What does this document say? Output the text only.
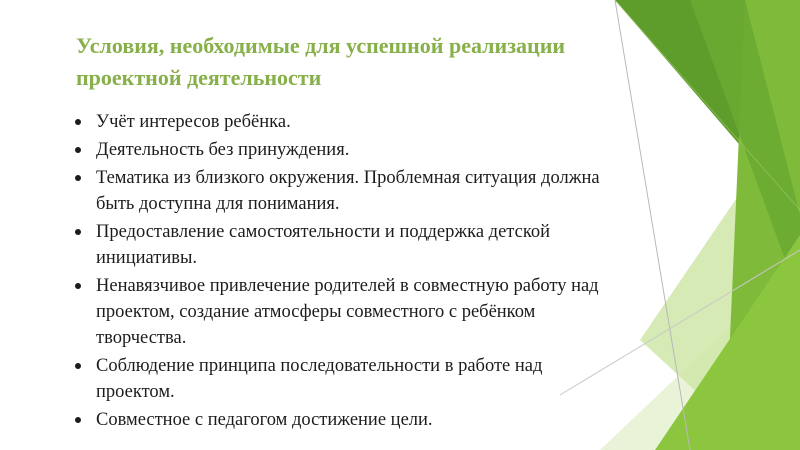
Условия, необходимые для успешной реализации проектной деятельности
Учёт интересов ребёнка.
Деятельность без принуждения.
Тематика из близкого окружения. Проблемная ситуация должна быть доступна для понимания.
Предоставление самостоятельности и поддержка детской инициативы.
Ненавязчивое привлечение родителей в совместную работу над проектом, создание атмосферы совместного с ребёнком творчества.
Соблюдение принципа последовательности в работе над проектом.
Совместное с педагогом достижение цели.
